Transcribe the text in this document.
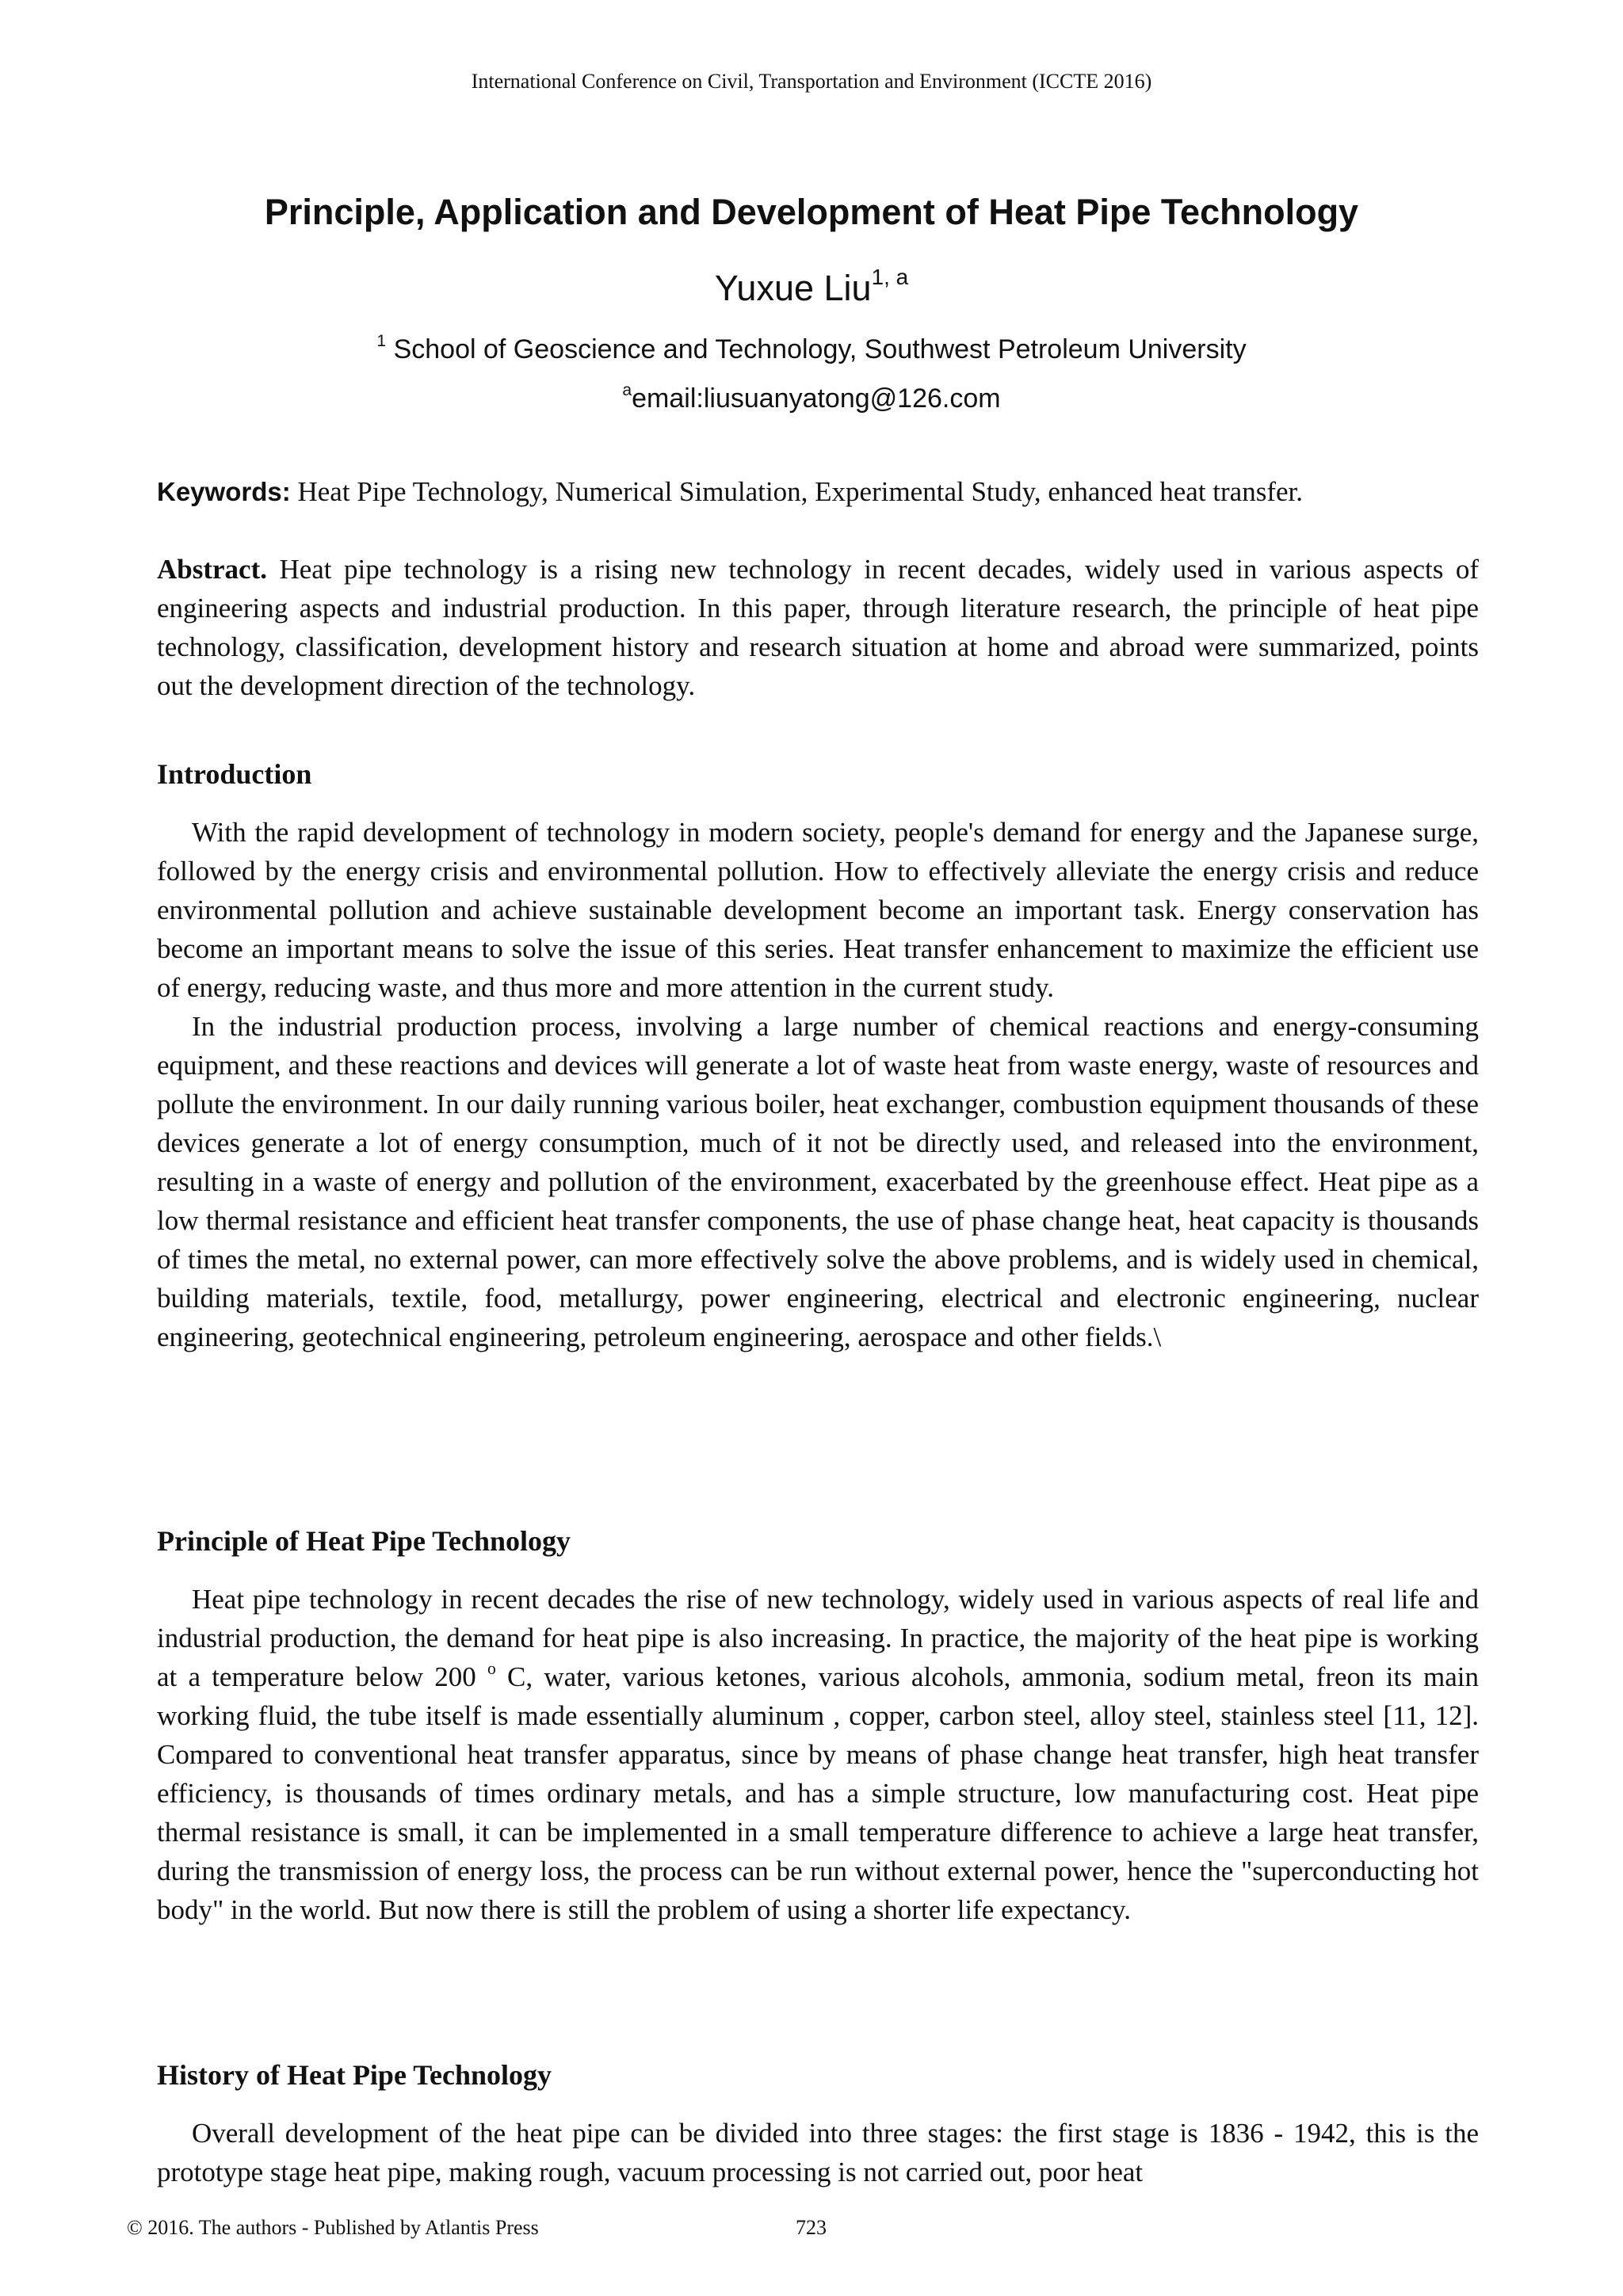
International Conference on Civil, Transportation and Environment (ICCTE 2016)
Principle, Application and Development of Heat Pipe Technology
Yuxue Liu$^{1, a}$
$^1$ School of Geoscience and Technology, Southwest Petroleum University
$^a$email:liusuanyatong@126.com

Keywords: Heat Pipe Technology, Numerical Simulation, Experimental Study, enhanced heat transfer.

Abstract. Heat pipe technology is a rising new technology in recent decades, widely used in various aspects of engineering aspects and industrial production. In this paper, through literature research, the principle of heat pipe technology, classification, development history and research situation at home and abroad were summarized, points out the development direction of the technology.

Introduction

With the rapid development of technology in modern society, people's demand for energy and the Japanese surge, followed by the energy crisis and environmental pollution. How to effectively alleviate the energy crisis and reduce environmental pollution and achieve sustainable development become an important task. Energy conservation has become an important means to solve the issue of this series. Heat transfer enhancement to maximize the efficient use of energy, reducing waste, and thus more and more attention in the current study.

In the industrial production process, involving a large number of chemical reactions and energy-consuming equipment, and these reactions and devices will generate a lot of waste heat from waste energy, waste of resources and pollute the environment. In our daily running various boiler, heat exchanger, combustion equipment thousands of these devices generate a lot of energy consumption, much of it not be directly used, and released into the environment, resulting in a waste of energy and pollution of the environment, exacerbated by the greenhouse effect. Heat pipe as a low thermal resistance and efficient heat transfer components, the use of phase change heat, heat capacity is thousands of times the metal, no external power, can more effectively solve the above problems, and is widely used in chemical, building materials, textile, food, metallurgy, power engineering, electrical and electronic engineering, nuclear engineering, geotechnical engineering, petroleum engineering, aerospace and other fields.\

Principle of Heat Pipe Technology

Heat pipe technology in recent decades the rise of new technology, widely used in various aspects of real life and industrial production, the demand for heat pipe is also increasing. In practice, the majority of the heat pipe is working at a temperature below 200 $^o$ C, water, various ketones, various alcohols, ammonia, sodium metal, freon its main working fluid, the tube itself is made essentially aluminum , copper, carbon steel, alloy steel, stainless steel [11, 12]. Compared to conventional heat transfer apparatus, since by means of phase change heat transfer, high heat transfer efficiency, is thousands of times ordinary metals, and has a simple structure, low manufacturing cost. Heat pipe thermal resistance is small, it can be implemented in a small temperature difference to achieve a large heat transfer, during the transmission of energy loss, the process can be run without external power, hence the "superconducting hot body" in the world. But now there is still the problem of using a shorter life expectancy.

History of Heat Pipe Technology

Overall development of the heat pipe can be divided into three stages: the first stage is 1836 - 1942, this is the prototype stage heat pipe, making rough, vacuum processing is not carried out, poor heat

© 2016. The authors - Published by Atlantis Press	723
